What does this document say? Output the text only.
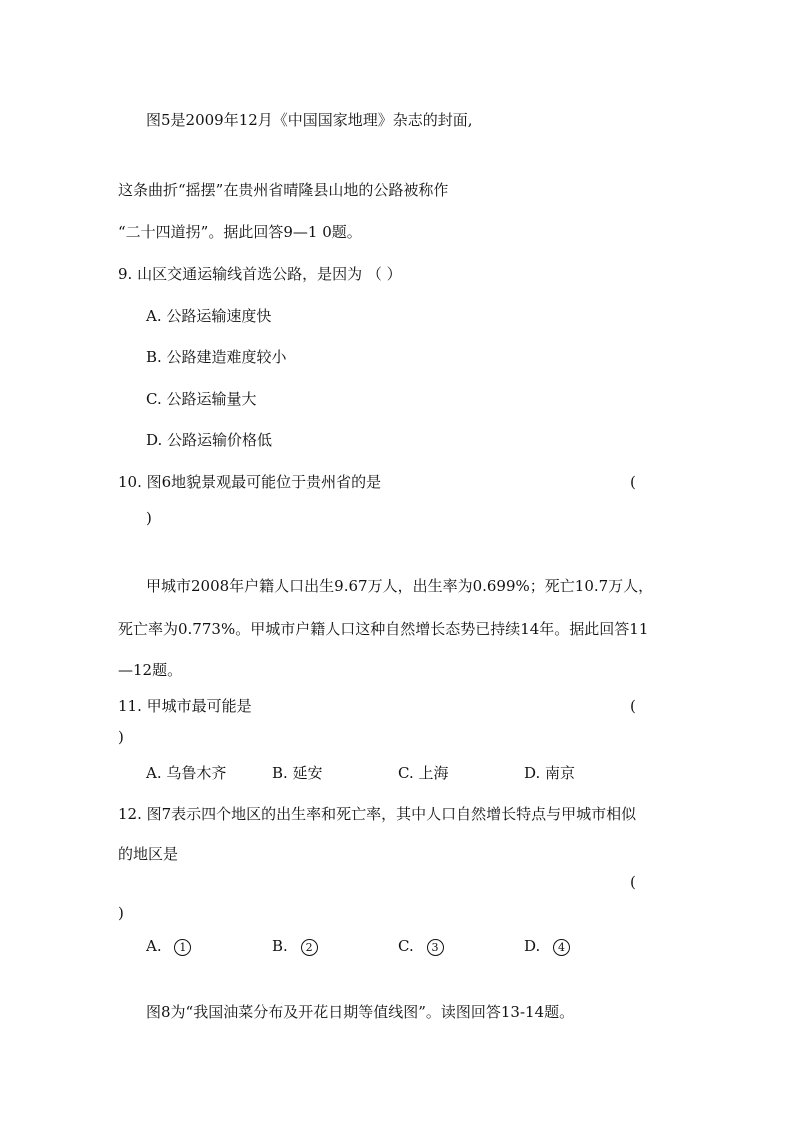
图5是2009年12月《中国国家地理》杂志的封面,
这条曲折“摇摆”在贵州省晴隆县山地的公路被称作
“二十四道拐”。据此回答9—1 0题。
9. 山区交通运输线首选公路，是因为 （ ）
A. 公路运输速度快
B. 公路建造难度较小
C. 公路运输量大
D. 公路运输价格低
10. 图6地貌景观最可能位于贵州省的是	(
)
甲城市2008年户籍人口出生9.67万人，出生率为0.699%；死亡10.7万人，
死亡率为0.773%。甲城市户籍人口这种自然增长态势已持续14年。据此回答11
—12题。
11. 甲城市最可能是	(
)
A. 乌鲁木齐	B. 延安	C. 上海	D. 南京
12. 图7表示四个地区的出生率和死亡率，其中人口自然增长特点与甲城市相似
的地区是
(
)
A. 1	B. 2	C. 3	D. 4
图8为“我国油菜分布及开花日期等值线图”。读图回答13-14题。
